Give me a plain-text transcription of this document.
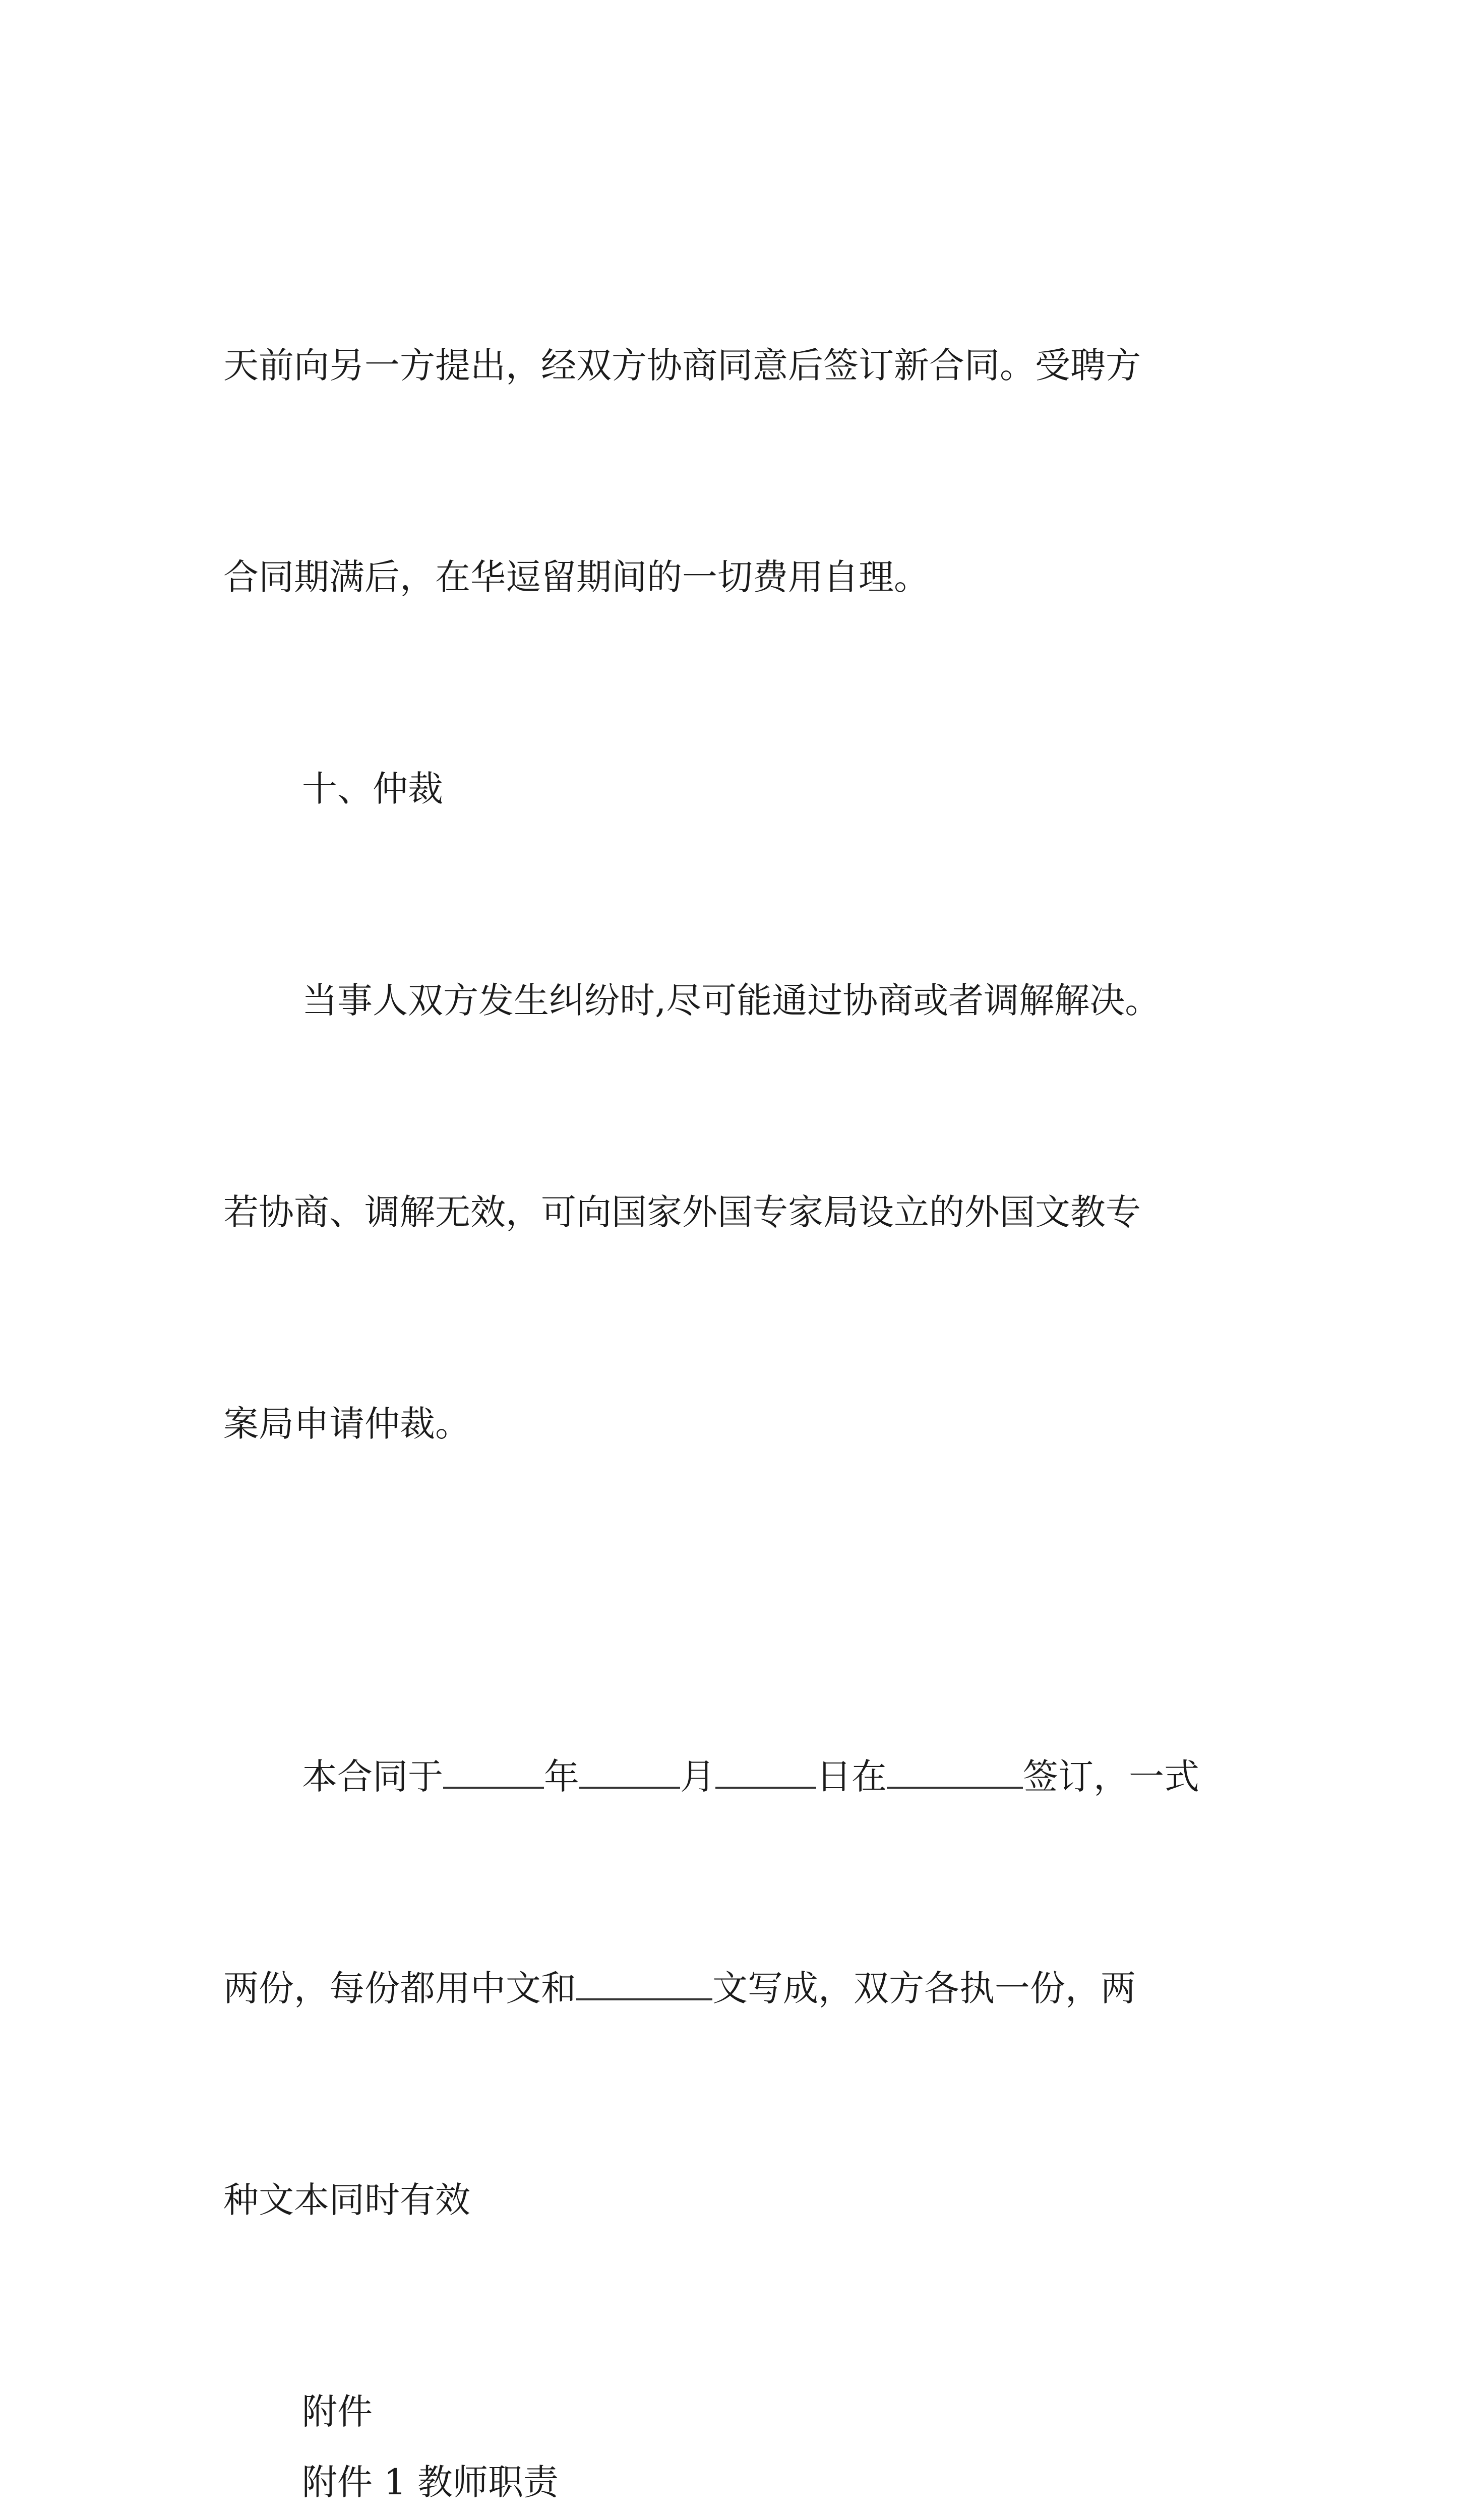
天前向另一方提出，经双方协商同意后签订新合同。受聘方

合同期满后，在华逗留期间的一切费用自理。

十、仲裁

当事人双方发生纠纷时,尽可能通过协商或者调解解决。

若协商、调解无效，可向国家外国专家局设立的外国文教专

案局申请仲裁。

本合同于	年	月	日在	签订，一式

两份，每份都用中文和	文写成，双方各执一份，两

种文本同时有效

附件

附件 1 教师职责
